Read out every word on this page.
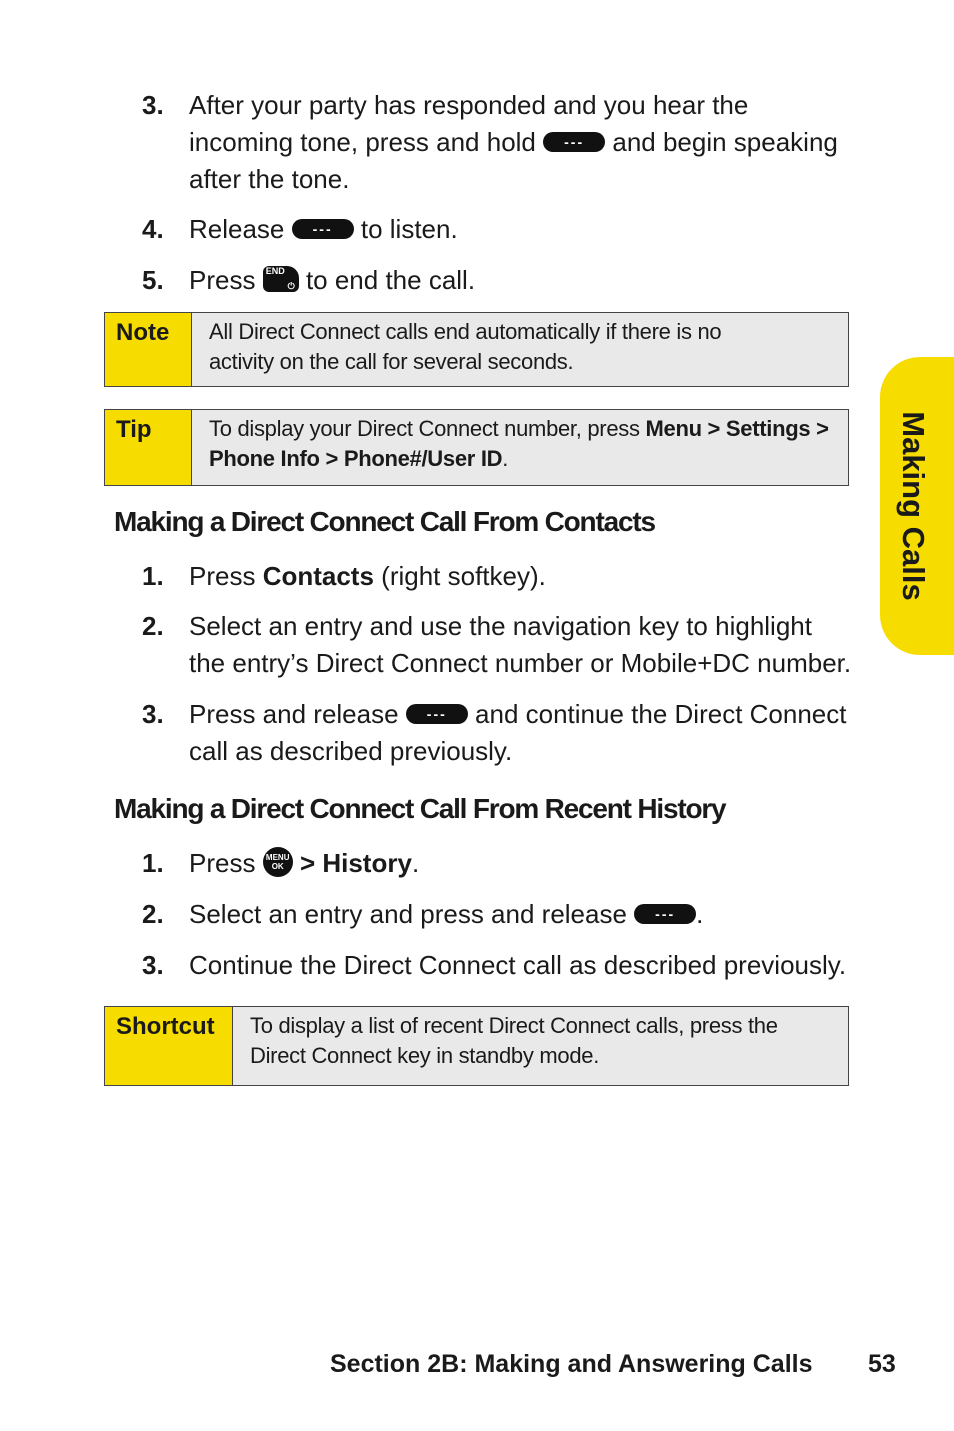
3. After your party has responded and you hear the
incoming tone, press and hold --- and begin speaking
after the tone.
4. Release --- to listen.
5. Press	⏻
END to end the call.
Note	All Direct Connect calls end automatically if there is no
activity on the call for several seconds.
Tip	To display your Direct Connect number, press Menu > Settings >
Phone Info > Phone#/User ID.
Making a Direct Connect Call From Contacts
1. Press Contacts (right softkey).
2. Select an entry and use the navigation key to highlight
the entry’s Direct Connect number or Mobile+DC number.
3. Press and release --- and continue the Direct Connect
call as described previously.
Making a Direct Connect Call From Recent History
1. Press	MENU
OK > History.
2. Select an entry and press and release --- .
3. Continue the Direct Connect call as described previously.
Shortcut	To display a list of recent Direct Connect calls, press the
Direct Connect key in standby mode.
Making Calls
Section 2B: Making and Answering Calls 53
